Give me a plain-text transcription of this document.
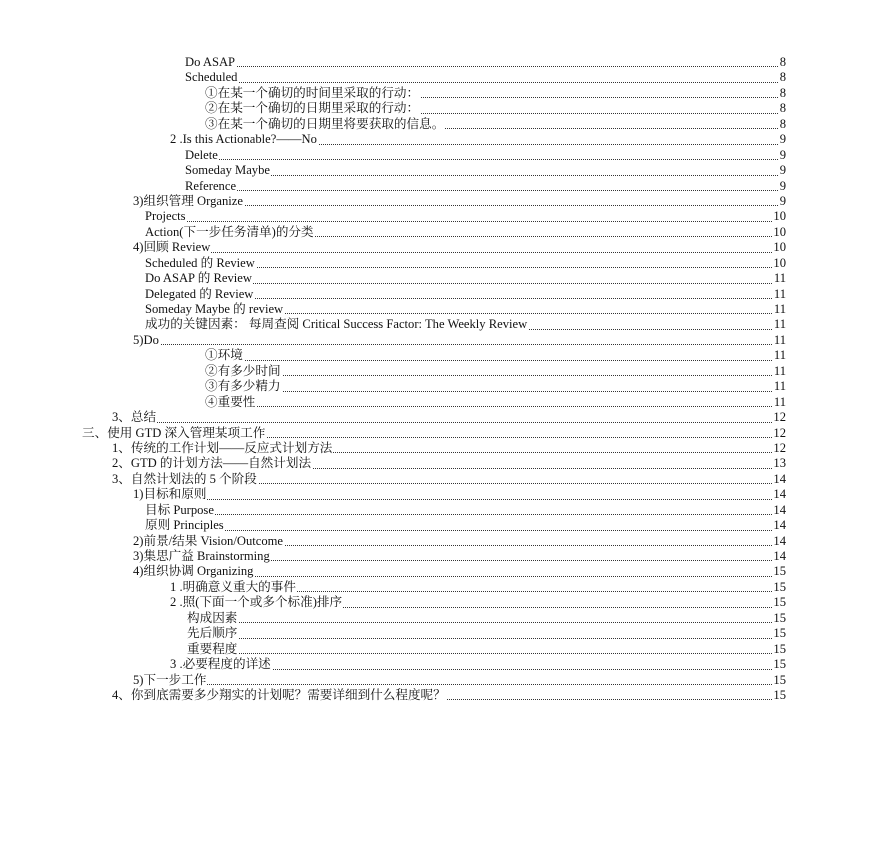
Do ASAP	8
Scheduled	8
①在某一个确切的时间里采取的行动：	8
②在某一个确切的日期里采取的行动：	8
③在某一个确切的日期里将要获取的信息。	8
2 .Is this Actionable?——No	9
Delete	9
Someday Maybe	9
Reference	9
3)组织管理 Organize	9
Projects	10
Action(下一步任务清单)的分类	10
4)回顾 Review	10
Scheduled 的 Review	10
Do ASAP 的 Review	11
Delegated 的 Review	11
Someday Maybe 的 review	11
成功的关键因素： 每周查阅 Critical Success Factor: The Weekly Review	11
5)Do	11
①环境	11
②有多少时间	11
③有多少精力	11
④重要性	11
3、总结	12
三、使用 GTD 深入管理某项工作	12
1、传统的工作计划——反应式计划方法	12
2、GTD 的计划方法——自然计划法	13
3、自然计划法的 5 个阶段	14
1)目标和原则	14
目标 Purpose	14
原则 Principles	14
2)前景/结果 Vision/Outcome	14
3)集思广益 Brainstorming	14
4)组织协调 Organizing	15
1 .明确意义重大的事件	15
2 .照(下面一个或多个标准)排序	15
构成因素	15
先后顺序	15
重要程度	15
3 .必要程度的详述	15
5)下一步工作	15
4、你到底需要多少翔实的计划呢？需要详细到什么程度呢？	15
